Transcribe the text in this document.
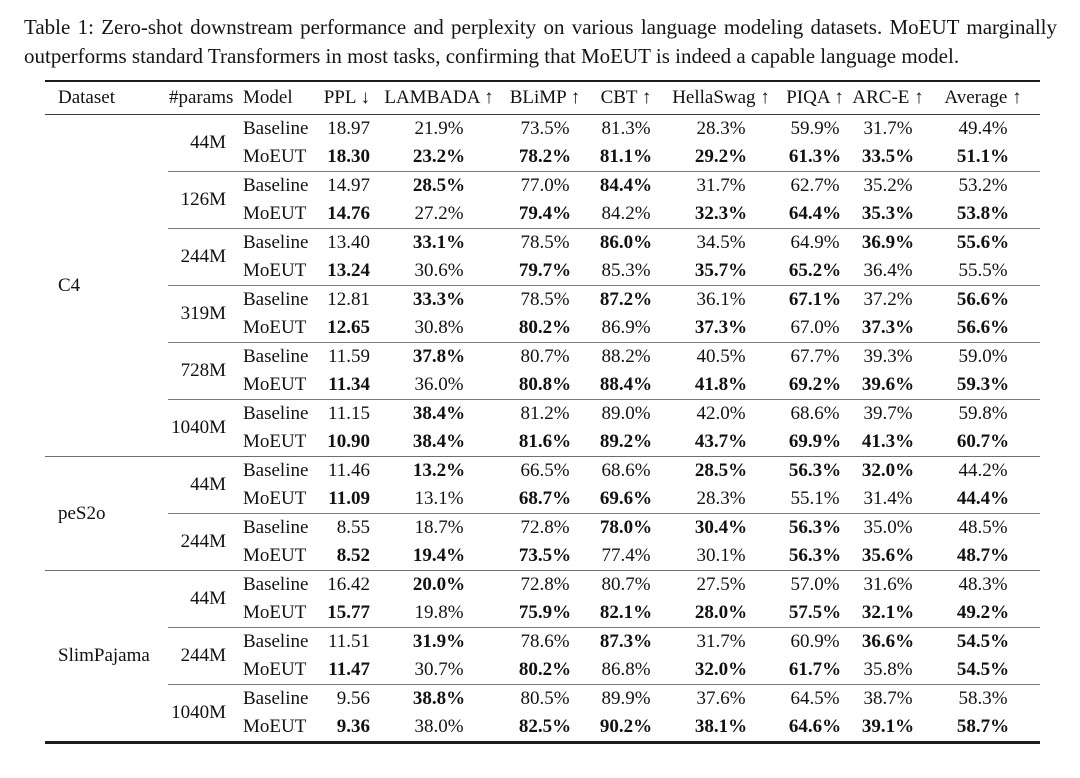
Table 1: Zero-shot downstream performance and perplexity on various language modeling datasets. MoEUT marginally outperforms standard Transformers in most tasks, confirming that MoEUT is indeed a capable language model.

Dataset	#params	Model	PPL ↓	LAMBADA ↑	BLiMP ↑	CBT ↑	HellaSwag ↑	PIQA ↑	ARC-E ↑	Average ↑
C4	44M	Baseline	18.97	21.9%	73.5%	81.3%	28.3%	59.9%	31.7%	49.4%
		MoEUT	18.30	23.2%	78.2%	81.1%	29.2%	61.3%	33.5%	51.1%
	126M	Baseline	14.97	28.5%	77.0%	84.4%	31.7%	62.7%	35.2%	53.2%
		MoEUT	14.76	27.2%	79.4%	84.2%	32.3%	64.4%	35.3%	53.8%
	244M	Baseline	13.40	33.1%	78.5%	86.0%	34.5%	64.9%	36.9%	55.6%
		MoEUT	13.24	30.6%	79.7%	85.3%	35.7%	65.2%	36.4%	55.5%
	319M	Baseline	12.81	33.3%	78.5%	87.2%	36.1%	67.1%	37.2%	56.6%
		MoEUT	12.65	30.8%	80.2%	86.9%	37.3%	67.0%	37.3%	56.6%
	728M	Baseline	11.59	37.8%	80.7%	88.2%	40.5%	67.7%	39.3%	59.0%
		MoEUT	11.34	36.0%	80.8%	88.4%	41.8%	69.2%	39.6%	59.3%
	1040M	Baseline	11.15	38.4%	81.2%	89.0%	42.0%	68.6%	39.7%	59.8%
		MoEUT	10.90	38.4%	81.6%	89.2%	43.7%	69.9%	41.3%	60.7%
peS2o	44M	Baseline	11.46	13.2%	66.5%	68.6%	28.5%	56.3%	32.0%	44.2%
		MoEUT	11.09	13.1%	68.7%	69.6%	28.3%	55.1%	31.4%	44.4%
	244M	Baseline	8.55	18.7%	72.8%	78.0%	30.4%	56.3%	35.0%	48.5%
		MoEUT	8.52	19.4%	73.5%	77.4%	30.1%	56.3%	35.6%	48.7%
SlimPajama	44M	Baseline	16.42	20.0%	72.8%	80.7%	27.5%	57.0%	31.6%	48.3%
		MoEUT	15.77	19.8%	75.9%	82.1%	28.0%	57.5%	32.1%	49.2%
	244M	Baseline	11.51	31.9%	78.6%	87.3%	31.7%	60.9%	36.6%	54.5%
		MoEUT	11.47	30.7%	80.2%	86.8%	32.0%	61.7%	35.8%	54.5%
	1040M	Baseline	9.56	38.8%	80.5%	89.9%	37.6%	64.5%	38.7%	58.3%
		MoEUT	9.36	38.0%	82.5%	90.2%	38.1%	64.6%	39.1%	58.7%
